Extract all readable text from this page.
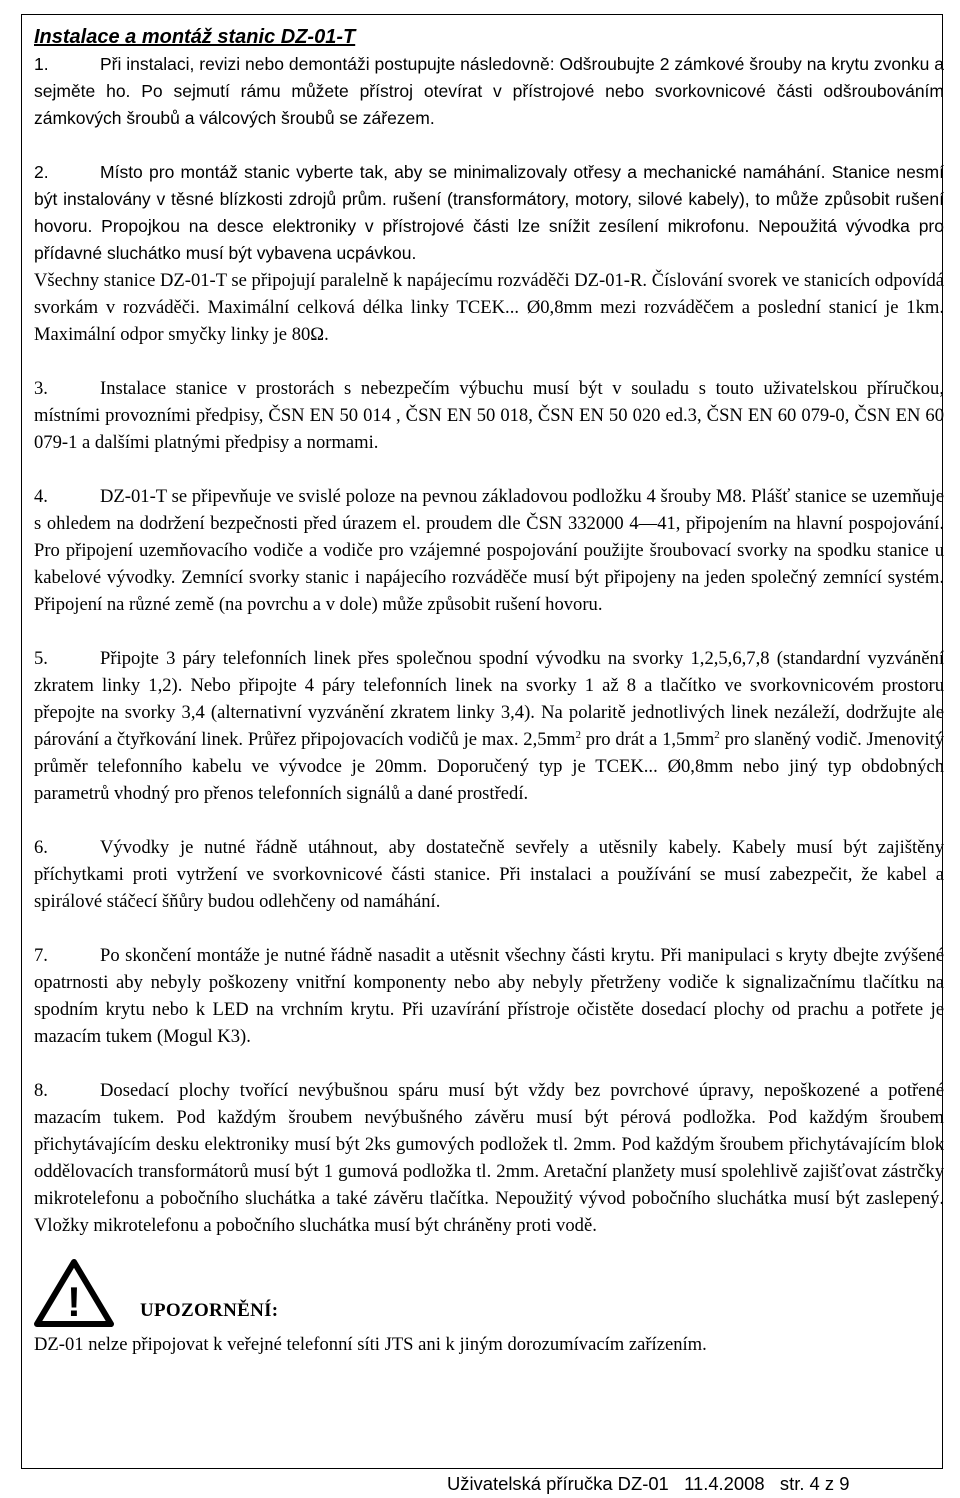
Instalace a montáž stanic DZ-01-T

1.	Při instalaci, revizi nebo demontáži postupujte následovně: Odšroubujte 2 zámkové šrouby na krytu zvonku a sejměte ho. Po sejmutí rámu můžete přístroj otevírat v přístrojové nebo svorkovnicové části odšroubováním zámkových šroubů a válcových šroubů se zářezem.

2.	Místo pro montáž stanic vyberte tak, aby se minimalizovaly otřesy a mechanické namáhání. Stanice nesmí být instalovány v těsné blízkosti zdrojů prům. rušení (transformátory, motory, silové kabely), to může způsobit rušení hovoru. Propojkou na desce elektroniky v přístrojové části lze snížit zesílení mikrofonu. Nepoužitá vývodka pro přídavné sluchátko musí být vybavena ucpávkou.

Všechny stanice DZ-01-T se připojují paralelně k napájecímu rozváděči DZ-01-R. Číslování svorek ve stanicích odpovídá svorkám v rozváděči. Maximální celková délka linky TCEK... Ø0,8mm mezi rozváděčem a poslední stanicí je 1km. Maximální odpor smyčky linky je 80Ω.

3.	Instalace stanice v prostorách s nebezpečím výbuchu musí být v souladu s touto uživatelskou příručkou, místními provozními předpisy, ČSN EN 50 014 , ČSN EN 50 018, ČSN EN 50 020 ed.3, ČSN EN 60 079-0, ČSN EN 60 079-1 a dalšími platnými předpisy a normami.

4.	DZ-01-T se připevňuje ve svislé poloze na pevnou základovou podložku 4 šrouby M8. Plášť stanice se uzemňuje s ohledem na dodržení bezpečnosti před úrazem el. proudem dle ČSN 332000 4—41, připojením na hlavní pospojování. Pro připojení uzemňovacího vodiče a vodiče pro vzájemné pospojování použijte šroubovací svorky na spodku stanice u kabelové vývodky. Zemnící svorky stanic i napájecího rozváděče musí být připojeny na jeden společný zemnící systém. Připojení na různé země (na povrchu a v dole) může způsobit rušení hovoru.

5.	Připojte 3 páry telefonních linek přes společnou spodní vývodku na svorky 1,2,5,6,7,8 (standardní vyzvánění zkratem linky 1,2). Nebo připojte 4 páry telefonních linek na svorky 1 až 8 a tlačítko ve svorkovnicovém prostoru přepojte na svorky 3,4 (alternativní vyzvánění zkratem linky 3,4). Na polaritě jednotlivých linek nezáleží, dodržujte ale párování a čtyřkování linek. Průřez připojovacích vodičů je max. $2,5mm^2$ pro drát a $1,5mm^2$ pro slaněný vodič. Jmenovitý průměr telefonního kabelu ve vývodce je 20mm. Doporučený typ je TCEK... Ø0,8mm nebo jiný typ obdobných parametrů vhodný pro přenos telefonních signálů a dané prostředí.

6.	Vývodky je nutné řádně utáhnout, aby dostatečně sevřely a utěsnily kabely. Kabely musí být zajištěny příchytkami proti vytržení ve svorkovnicové části stanice. Při instalaci a používání se musí zabezpečit, že kabel a spirálové stáčecí šňůry budou odlehčeny od namáhání.

7.	Po skončení montáže je nutné řádně nasadit a utěsnit všechny části krytu. Při manipulaci s kryty dbejte zvýšené opatrnosti aby nebyly poškozeny vnitřní komponenty nebo aby nebyly přetrženy vodiče k signalizačnímu tlačítku na spodním krytu nebo k LED na vrchním krytu. Při uzavírání přístroje očistěte dosedací plochy od prachu a potřete je mazacím tukem (Mogul K3).

8.	Dosedací plochy tvořící nevýbušnou spáru musí být vždy bez povrchové úpravy, nepoškozené a potřené mazacím tukem. Pod každým šroubem nevýbušného závěru musí být pérová podložka. Pod každým šroubem přichytávajícím desku elektroniky musí být 2ks gumových podložek tl. 2mm. Pod každým šroubem přichytávajícím blok oddělovacích transformátorů musí být 1 gumová podložka tl. 2mm. Aretační planžety musí spolehlivě zajišťovat zástrčky mikrotelefonu a pobočního sluchátka a také závěru tlačítka. Nepoužitý vývod pobočního sluchátka musí být zaslepený. Vložky mikrotelefonu a pobočního sluchátka musí být chráněny proti vodě.

!	UPOZORNĚNÍ:

DZ-01 nelze připojovat k veřejné telefonní síti JTS ani k jiným dorozumívacím zařízením.

Uživatelská příručka DZ-01 11.4.2008 str. 4 z 9
